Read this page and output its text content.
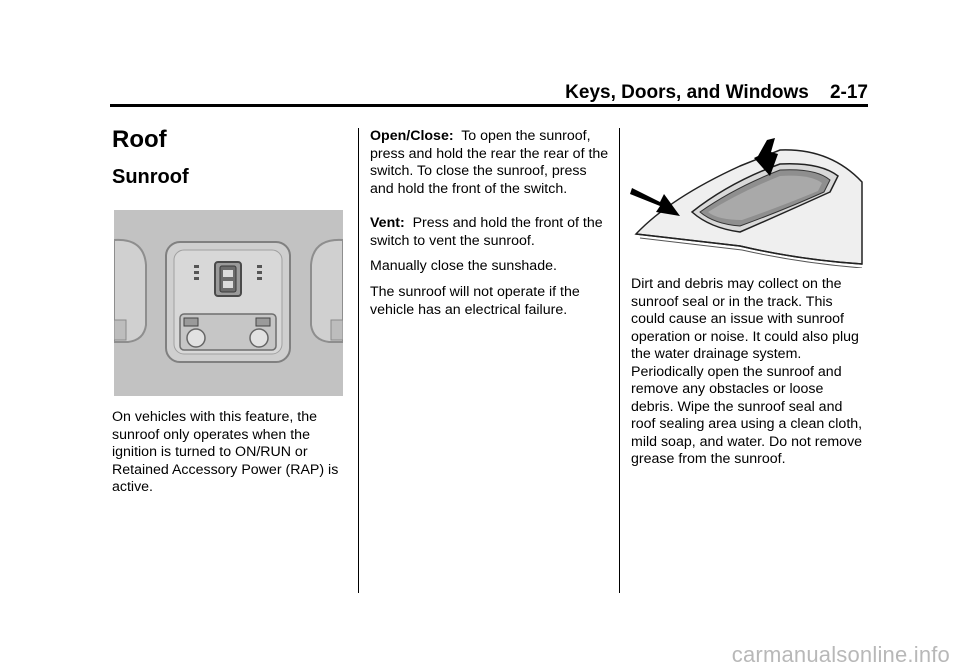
Keys, Doors, and Windows    2-17
Roof
Sunroof

On vehicles with this feature, the sunroof only operates when the ignition is turned to ON/RUN or Retained Accessory Power (RAP) is active.

Open/Close: To open the sunroof, press and hold the rear the rear of the switch. To close the sunroof, press and hold the front of the switch.

Vent: Press and hold the front of the switch to vent the sunroof.

Manually close the sunshade.

The sunroof will not operate if the vehicle has an electrical failure.

Dirt and debris may collect on the sunroof seal or in the track. This could cause an issue with sunroof operation or noise. It could also plug the water drainage system. Periodically open the sunroof and remove any obstacles or loose debris. Wipe the sunroof seal and roof sealing area using a clean cloth, mild soap, and water. Do not remove grease from the sunroof.

carmanualsonline.info
